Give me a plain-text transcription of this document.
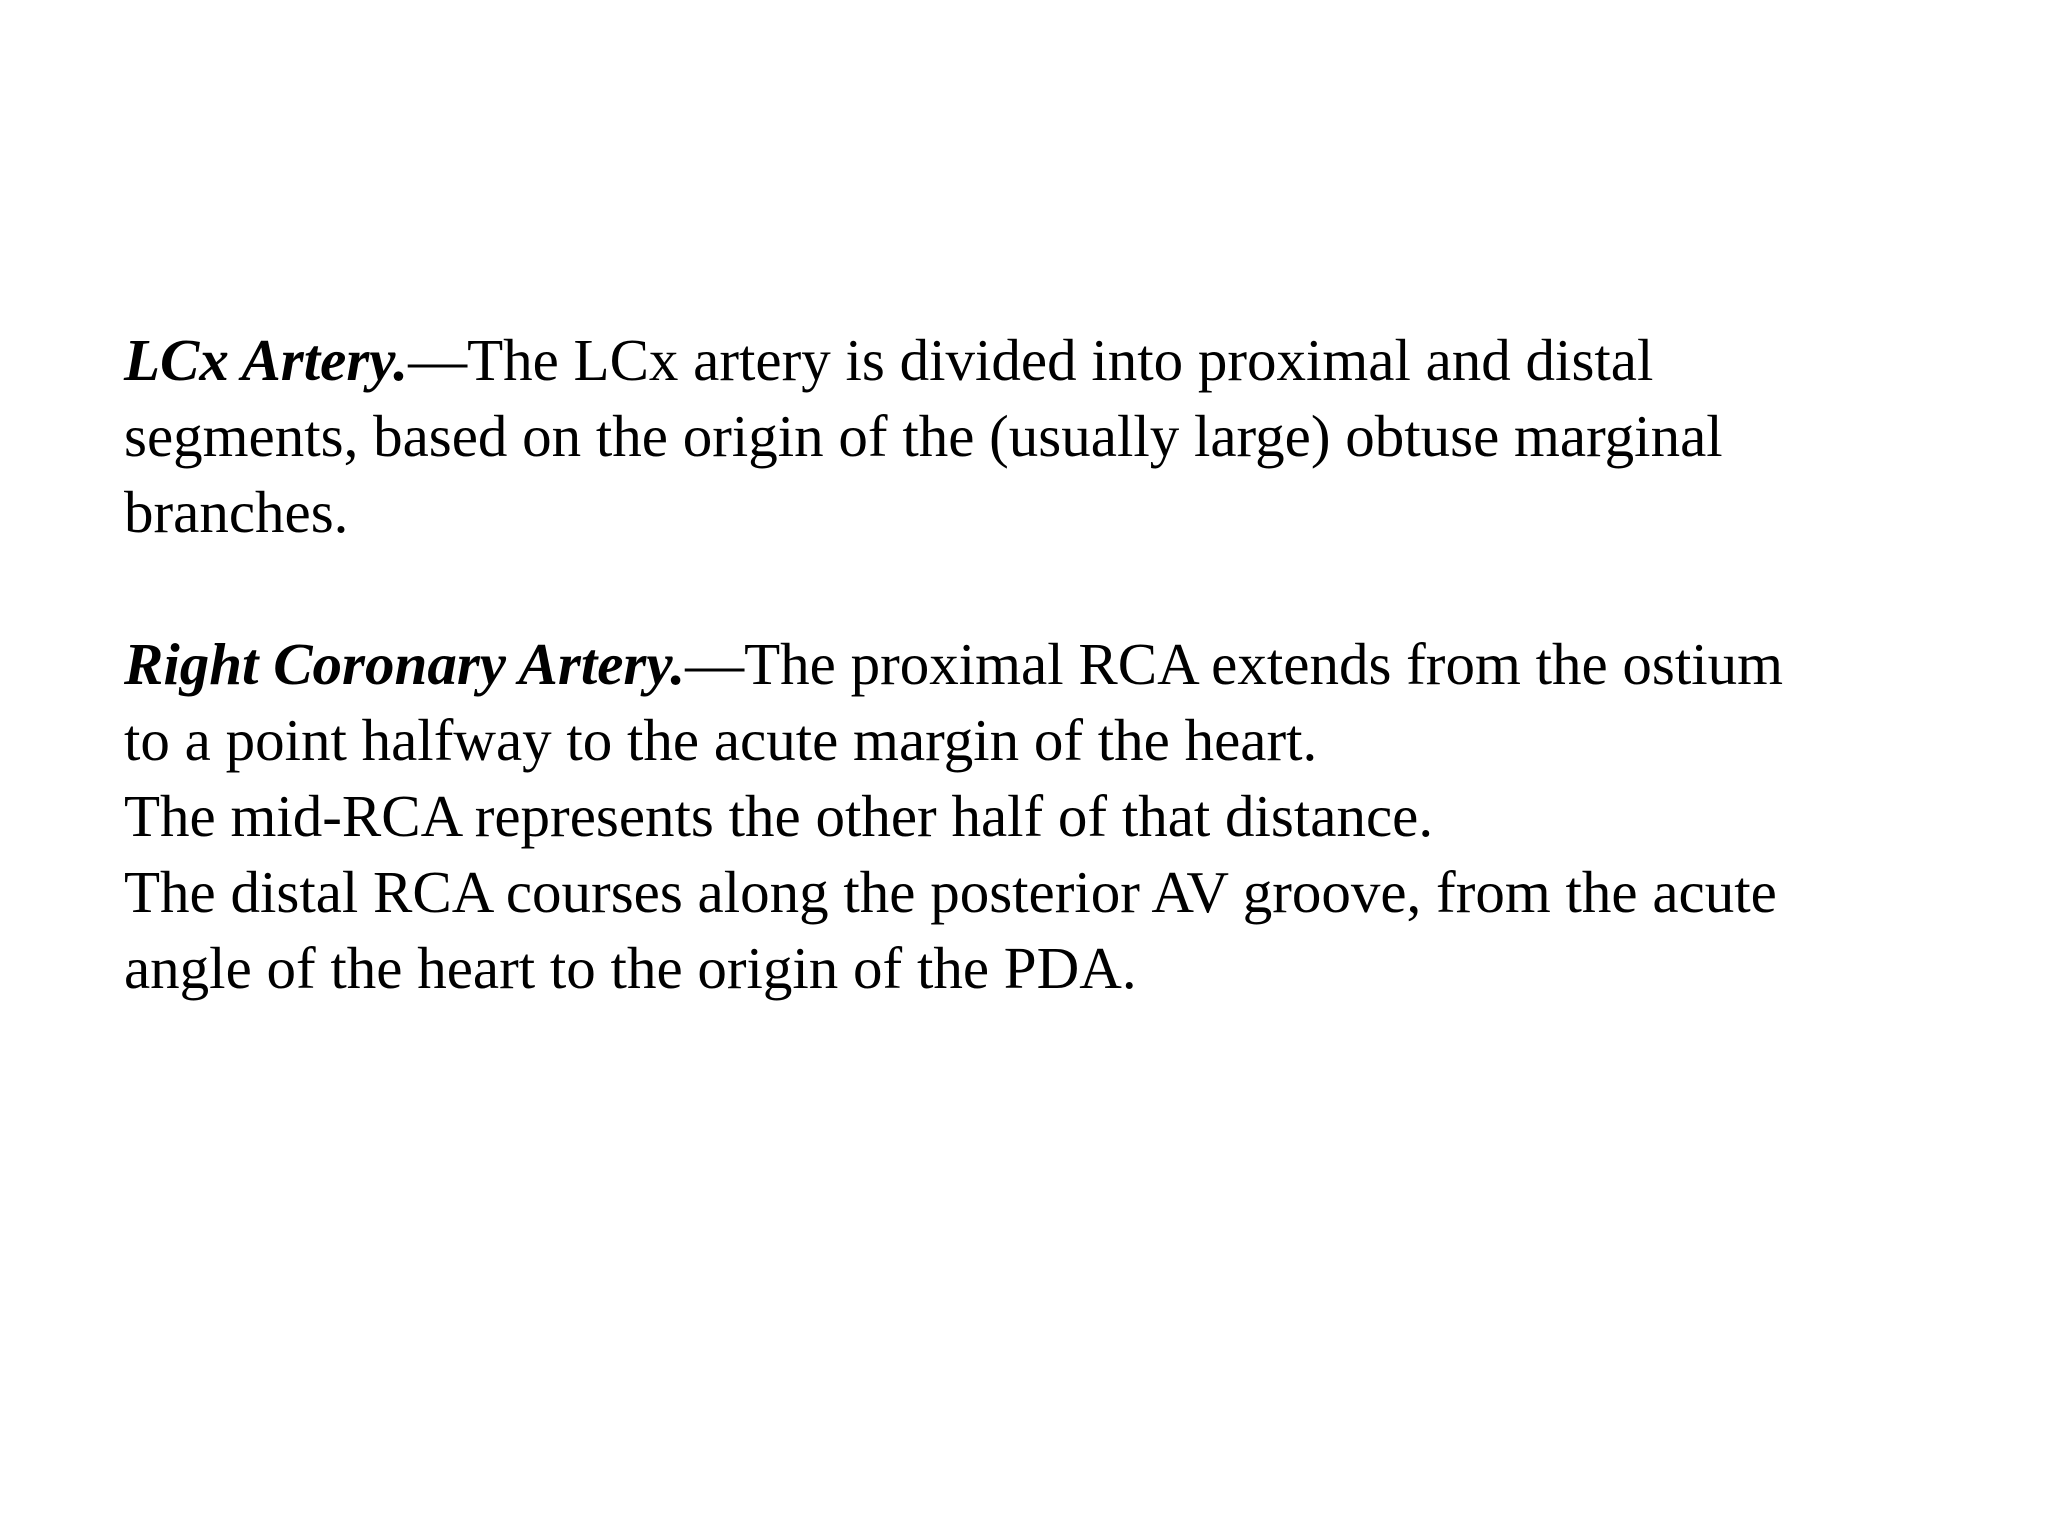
LCx Artery.—The LCx artery is divided into proximal and distal
segments, based on the origin of the (usually large) obtuse marginal
branches.

Right Coronary Artery.—The proximal RCA extends from the ostium
to a point halfway to the acute margin of the heart.
The mid-RCA represents the other half of that distance.
The distal RCA courses along the posterior AV groove, from the acute
angle of the heart to the origin of the PDA.
